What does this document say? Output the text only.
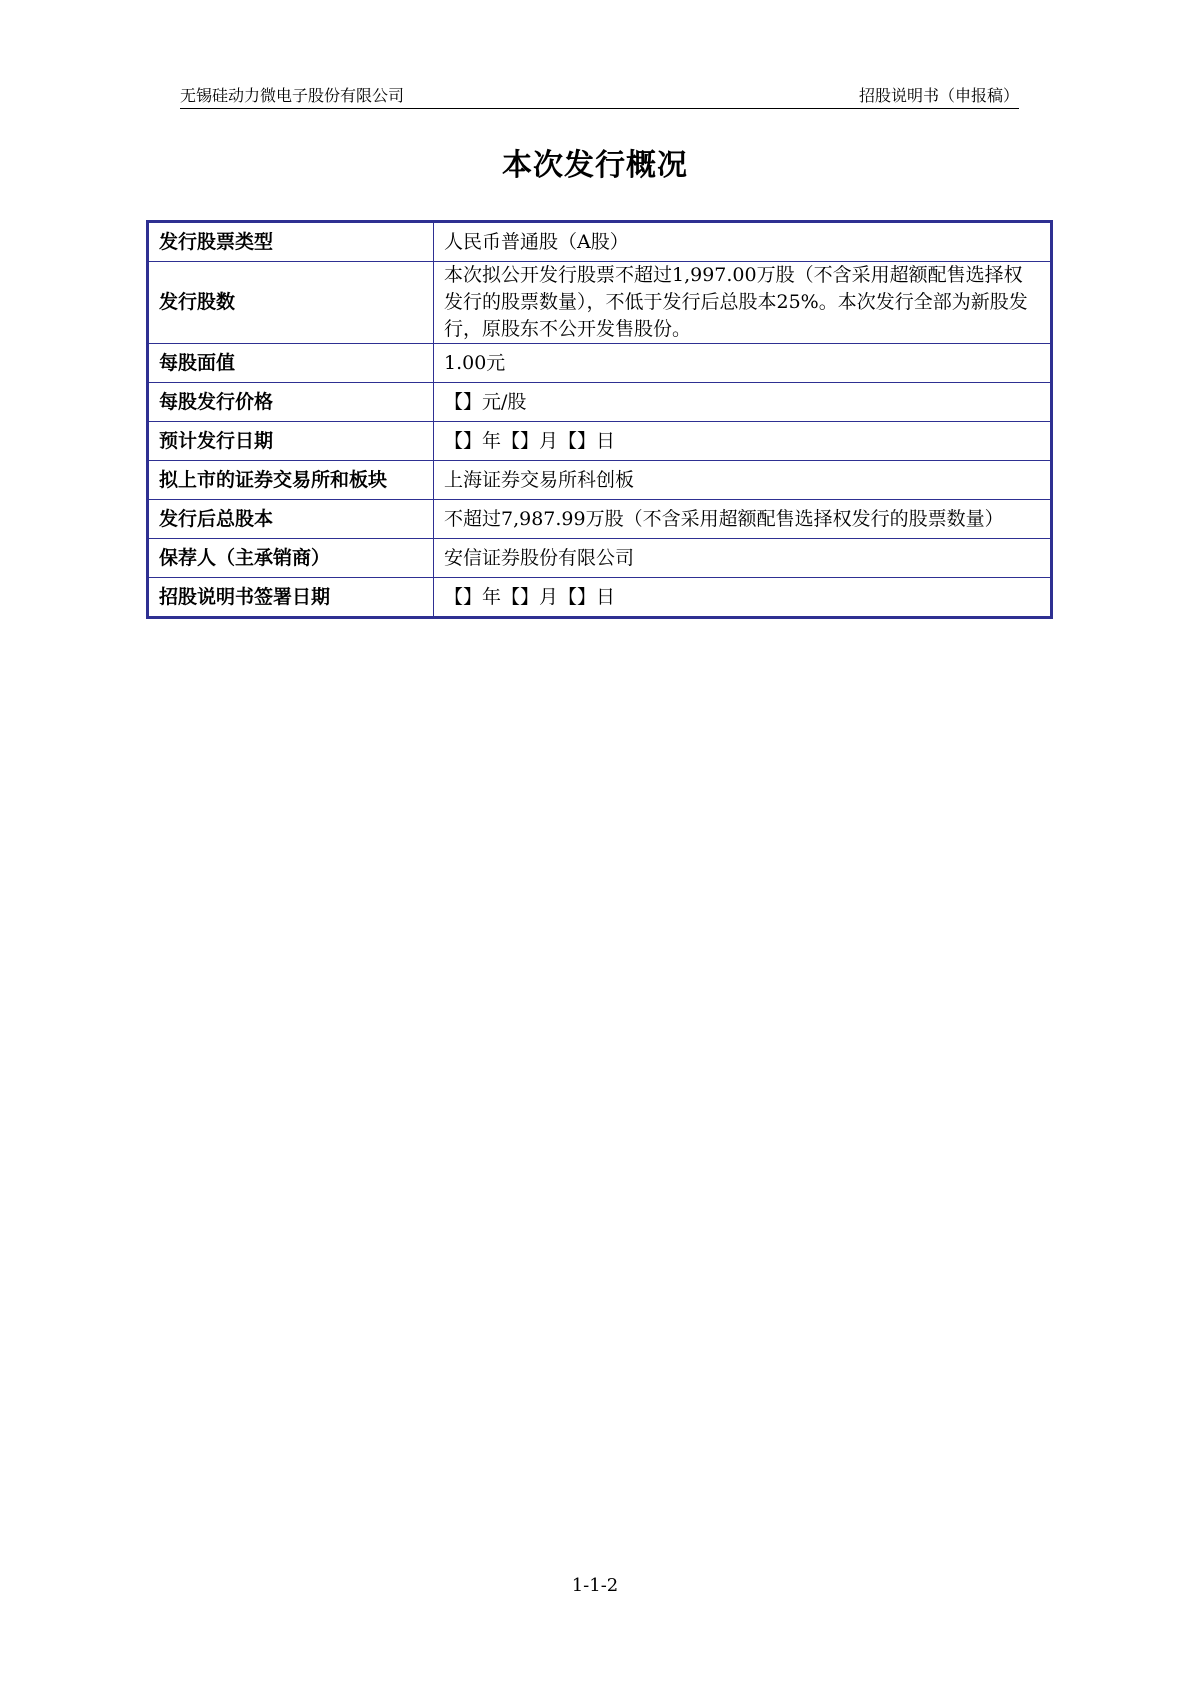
无锡硅动力微电子股份有限公司	招股说明书（申报稿）
本次发行概况
发行股票类型	人民币普通股（A股）
发行股数	本次拟公开发行股票不超过1,997.00万股（不含采用超额配售选择权发行的股票数量），不低于发行后总股本25%。本次发行全部为新股发行，原股东不公开发售股份。
每股面值	1.00元
每股发行价格	【】元/股
预计发行日期	【】年【】月【】日
拟上市的证券交易所和板块	上海证券交易所科创板
发行后总股本	不超过7,987.99万股（不含采用超额配售选择权发行的股票数量）
保荐人（主承销商）	安信证券股份有限公司
招股说明书签署日期	【】年【】月【】日
1-1-2
